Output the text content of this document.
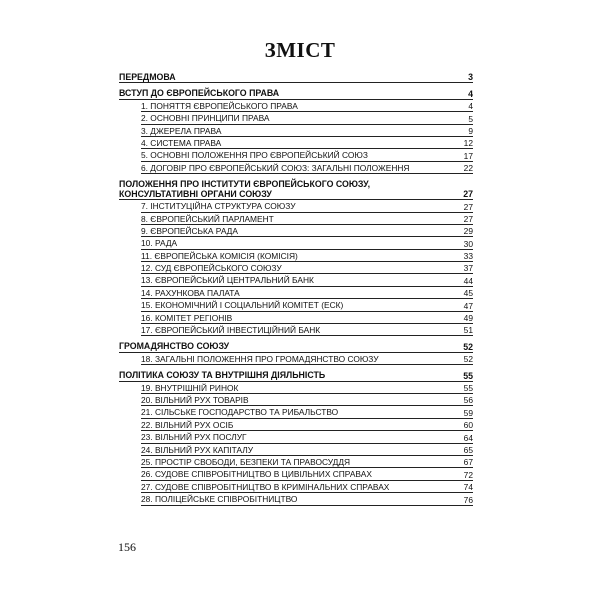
ЗМІСТ
ПЕРЕДМОВА	3
ВСТУП ДО ЄВРОПЕЙСЬКОГО ПРАВА	4
1. ПОНЯТТЯ ЄВРОПЕЙСЬКОГО ПРАВА	4
2. ОСНОВНІ ПРИНЦИПИ ПРАВА	5
3. ДЖЕРЕЛА ПРАВА	9
4. СИСТЕМА ПРАВА	12
5. ОСНОВНІ ПОЛОЖЕННЯ ПРО ЄВРОПЕЙСЬКИЙ СОЮЗ	17
6. ДОГОВІР ПРО ЄВРОПЕЙСЬКИЙ СОЮЗ: ЗАГАЛЬНІ ПОЛОЖЕННЯ	22
ПОЛОЖЕННЯ ПРО ІНСТИТУТИ ЄВРОПЕЙСЬКОГО СОЮЗУ,
КОНСУЛЬТАТИВНІ ОРГАНИ СОЮЗУ	27
7. ІНСТИТУЦІЙНА СТРУКТУРА СОЮЗУ	27
8. ЄВРОПЕЙСЬКИЙ ПАРЛАМЕНТ	27
9. ЄВРОПЕЙСЬКА РАДА	29
10. РАДА	30
11. ЄВРОПЕЙСЬКА КОМІСІЯ (КОМІСІЯ)	33
12. СУД ЄВРОПЕЙСЬКОГО СОЮЗУ	37
13. ЄВРОПЕЙСЬКИЙ ЦЕНТРАЛЬНИЙ БАНК	44
14. РАХУНКОВА ПАЛАТА	45
15. ЕКОНОМІЧНИЙ І СОЦІАЛЬНИЙ КОМІТЕТ (ЕСК)	47
16. КОМІТЕТ РЕГІОНІВ	49
17. ЄВРОПЕЙСЬКИЙ ІНВЕСТИЦІЙНИЙ БАНК	51
ГРОМАДЯНСТВО СОЮЗУ	52
18. ЗАГАЛЬНІ ПОЛОЖЕННЯ ПРО ГРОМАДЯНСТВО СОЮЗУ	52
ПОЛІТИКА СОЮЗУ ТА ВНУТРІШНЯ ДІЯЛЬНІСТЬ	55
19. ВНУТРІШНІЙ РИНОК	55
20. ВІЛЬНИЙ РУХ ТОВАРІВ	56
21. СІЛЬСЬКЕ ГОСПОДАРСТВО ТА РИБАЛЬСТВО	59
22. ВІЛЬНИЙ РУХ ОСІБ	60
23. ВІЛЬНИЙ РУХ ПОСЛУГ	64
24. ВІЛЬНИЙ РУХ КАПІТАЛУ	65
25. ПРОСТІР СВОБОДИ, БЕЗПЕКИ ТА ПРАВОСУДДЯ	67
26. СУДОВЕ СПІВРОБІТНИЦТВО В ЦИВІЛЬНИХ СПРАВАХ	72
27. СУДОВЕ СПІВРОБІТНИЦТВО В КРИМІНАЛЬНИХ СПРАВАХ	74
28. ПОЛІЦЕЙСЬКЕ СПІВРОБІТНИЦТВО	76
156
